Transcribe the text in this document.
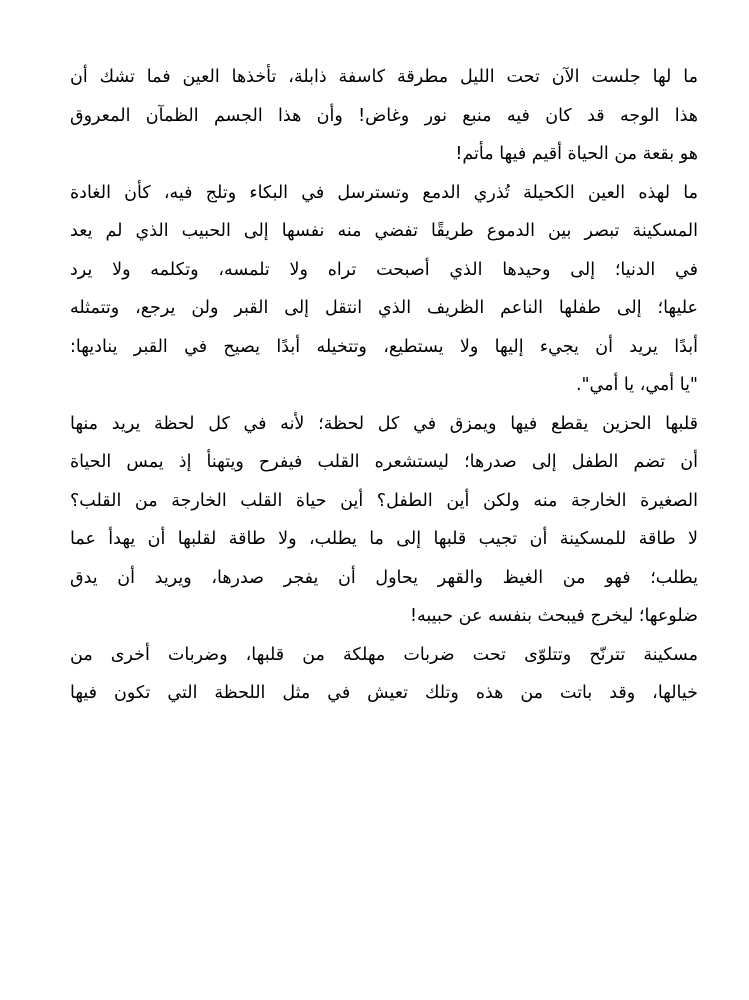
ما لها جلست الآن تحت الليل مطرقة كاسفة ذابلة، تأخذها العين فما تشك أن
هذا الوجه قد كان فيه منبع نور وغاض! وأن هذا الجسم الظمآن المعروق
هو بقعة من الحياة أقيم فيها مأتم!
ما لهذه العين الكحيلة تُذري الدمع وتسترسل في البكاء وتلج فيه، كأن الغادة
المسكينة تبصر بين الدموع طريقًا تفضي منه نفسها إلى الحبيب الذي لم يعد
في الدنيا؛ إلى وحيدها الذي أصبحت تراه ولا تلمسه، وتكلمه ولا يرد
عليها؛ إلى طفلها الناعم الظريف الذي انتقل إلى القبر ولن يرجع، وتتمثله
أبدًا يريد أن يجيء إليها ولا يستطيع، وتتخيله أبدًا يصيح في القبر يناديها:
"يا أمي، يا أمي".
قلبها الحزين يقطع فيها ويمزق في كل لحظة؛ لأنه في كل لحظة يريد منها
أن تضم الطفل إلى صدرها؛ ليستشعره القلب فيفرح ويتهنأ إذ يمس الحياة
الصغيرة الخارجة منه ولكن أين الطفل؟ أين حياة القلب الخارجة من القلب؟
لا طاقة للمسكينة أن تجيب قلبها إلى ما يطلب، ولا طاقة لقلبها أن يهدأ عما
يطلب؛ فهو من الغيظ والقهر يحاول أن يفجر صدرها، ويريد أن يدق
ضلوعها؛ ليخرج فيبحث بنفسه عن حبيبه!
مسكينة تترنّح وتتلوّى تحت ضربات مهلكة من قلبها، وضربات أخرى من
خيالها، وقد باتت من هذه وتلك تعيش في مثل اللحظة التي تكون فيها
